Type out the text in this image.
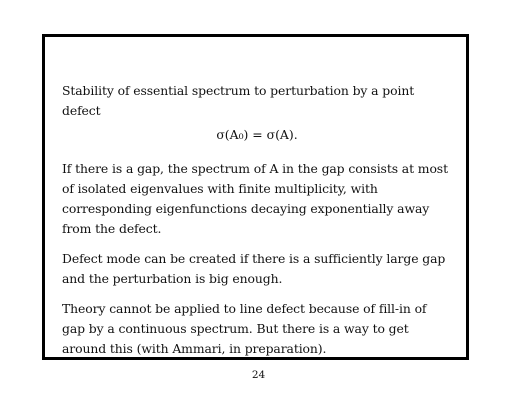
Stability of essential spectrum to perturbation by a point defect

σ(A₀) = σ(A).

If there is a gap, the spectrum of A in the gap consists at most of isolated eigenvalues with finite multiplicity, with corresponding eigenfunctions decaying exponentially away from the defect.

Defect mode can be created if there is a sufficiently large gap and the perturbation is big enough.

Theory cannot be applied to line defect because of fill-in of gap by a continuous spectrum. But there is a way to get around this (with Ammari, in preparation).

24
